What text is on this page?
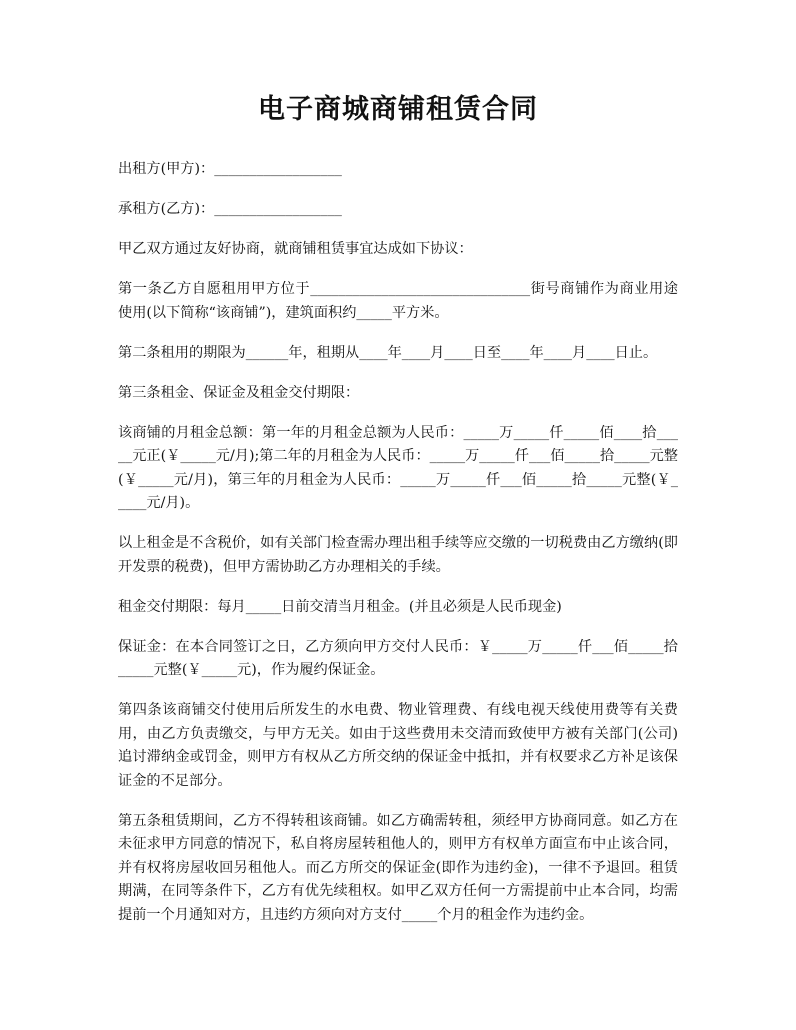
电子商城商铺租赁合同

出租方(甲方)：__________________

承租方(乙方)：__________________

甲乙双方通过友好协商，就商铺租赁事宜达成如下协议：

第一条乙方自愿租用甲方位于_______________________________街号商铺作为商业用途使用(以下简称“该商铺”)，建筑面积约_____平方米。

第二条租用的期限为______年，租期从____年____月____日至____年____月____日止。

第三条租金、保证金及租金交付期限：

该商铺的月租金总额：第一年的月租金总额为人民币：_____万_____仟_____佰____拾_____元正(￥_____元/月);第二年的月租金为人民币：_____万_____仟___佰_____拾_____元整(￥_____元/月)，第三年的月租金为人民币：_____万_____仟___佰_____拾_____元整(￥_____元/月)。

以上租金是不含税价，如有关部门检查需办理出租手续等应交缴的一切税费由乙方缴纳(即开发票的税费)，但甲方需协助乙方办理相关的手续。

租金交付期限：每月_____日前交清当月租金。(并且必须是人民币现金)

保证金：在本合同签订之日，乙方须向甲方交付人民币：￥_____万_____仟___佰_____拾_____元整(￥_____元)，作为履约保证金。

第四条该商铺交付使用后所发生的水电费、物业管理费、有线电视天线使用费等有关费用，由乙方负责缴交，与甲方无关。如由于这些费用未交清而致使甲方被有关部门(公司)追讨滞纳金或罚金，则甲方有权从乙方所交纳的保证金中抵扣，并有权要求乙方补足该保证金的不足部分。

第五条租赁期间，乙方不得转租该商铺。如乙方确需转租，须经甲方协商同意。如乙方在未征求甲方同意的情况下，私自将房屋转租他人的，则甲方有权单方面宣布中止该合同，并有权将房屋收回另租他人。而乙方所交的保证金(即作为违约金)，一律不予退回。租赁期满，在同等条件下，乙方有优先续租权。如甲乙双方任何一方需提前中止本合同，均需提前一个月通知对方，且违约方须向对方支付_____个月的租金作为违约金。
